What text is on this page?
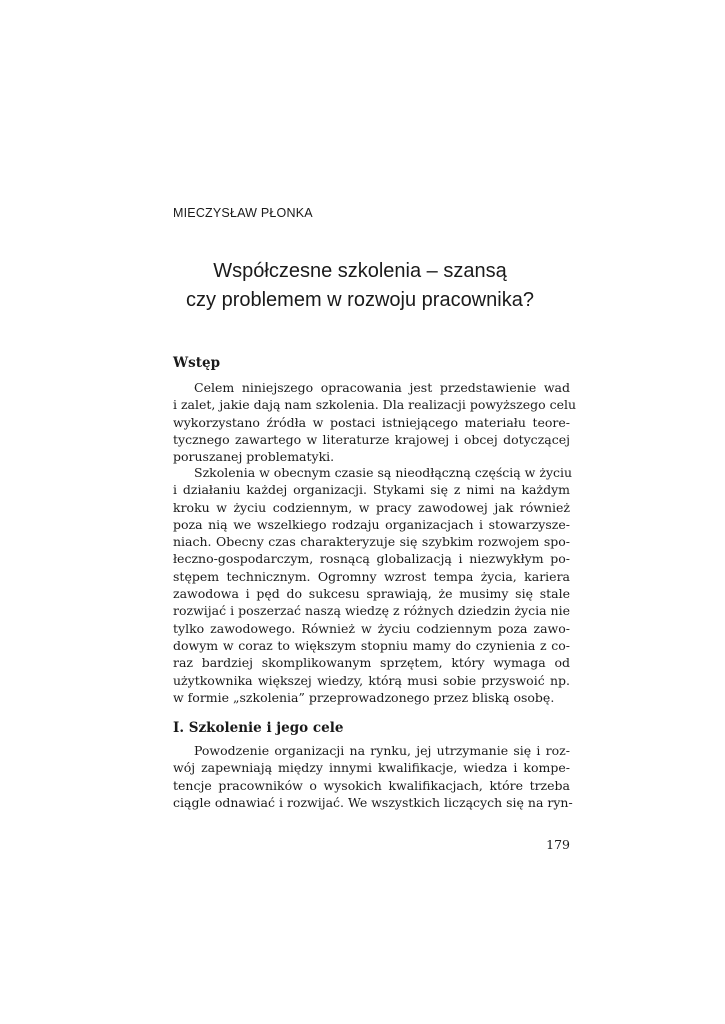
MIECZYSŁAW PŁONKA
Współczesne szkolenia – szansą
czy problemem w rozwoju pracownika?
Wstęp
Celem niniejszego opracowania jest przedstawienie wad
i zalet, jakie dają nam szkolenia. Dla realizacji powyższego celu
wykorzystano źródła w postaci istniejącego materiału teore-
tycznego zawartego w literaturze krajowej i obcej dotyczącej
poruszanej problematyki.
Szkolenia w obecnym czasie są nieodłączną częścią w życiu
i działaniu każdej organizacji. Stykami się z nimi na każdym
kroku w życiu codziennym, w pracy zawodowej jak również
poza nią we wszelkiego rodzaju organizacjach i stowarzysze-
niach. Obecny czas charakteryzuje się szybkim rozwojem spo-
łeczno-gospodarczym, rosnącą globalizacją i niezwykłym po-
stępem technicznym. Ogromny wzrost tempa życia, kariera
zawodowa i pęd do sukcesu sprawiają, że musimy się stale
rozwijać i poszerzać naszą wiedzę z różnych dziedzin życia nie
tylko zawodowego. Również w życiu codziennym poza zawo-
dowym w coraz to większym stopniu mamy do czynienia z co-
raz bardziej skomplikowanym sprzętem, który wymaga od
użytkownika większej wiedzy, którą musi sobie przyswoić np.
w formie „szkolenia” przeprowadzonego przez bliską osobę.
I. Szkolenie i jego cele
Powodzenie organizacji na rynku, jej utrzymanie się i roz-
wój zapewniają między innymi kwalifikacje, wiedza i kompe-
tencje pracowników o wysokich kwalifikacjach, które trzeba
ciągle odnawiać i rozwijać. We wszystkich liczących się na ryn-
179
